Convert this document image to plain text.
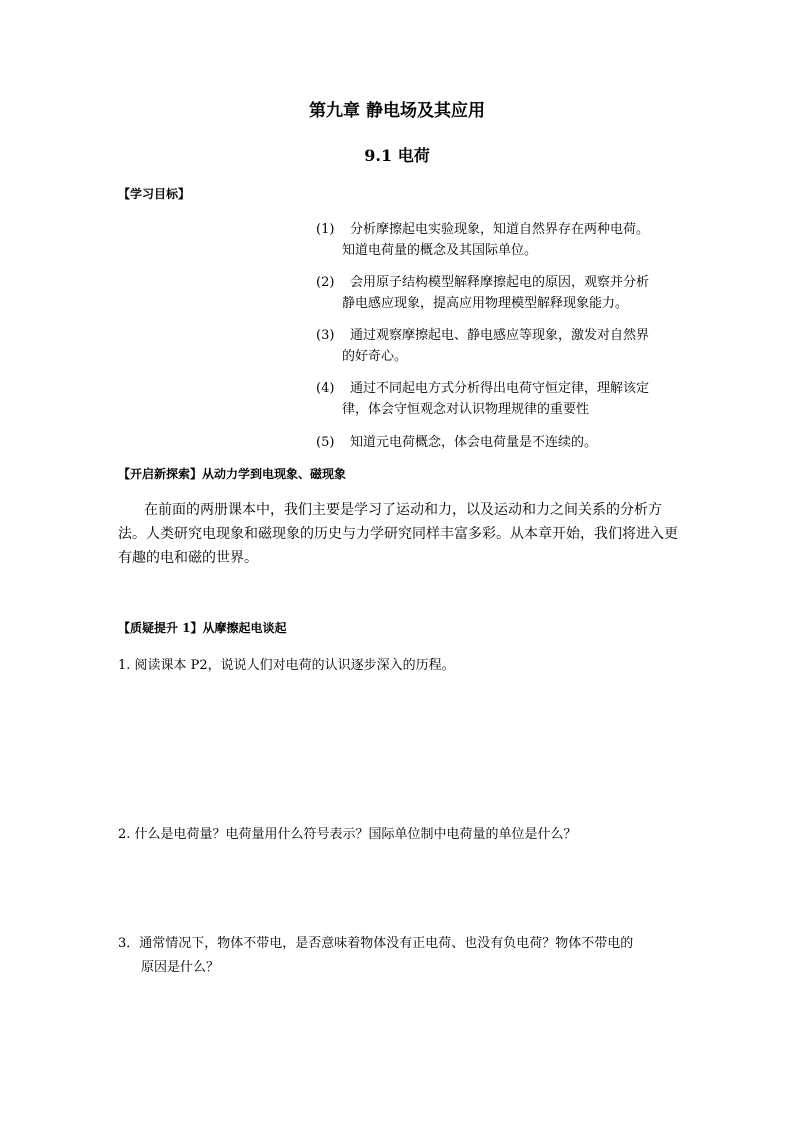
第九章 静电场及其应用
9.1 电荷
【学习目标】
(1) 分析摩擦起电实验现象，知道自然界存在两种电荷。
知道电荷量的概念及其国际单位。
(2) 会用原子结构模型解释摩擦起电的原因，观察并分析
静电感应现象，提高应用物理模型解释现象能力。
(3) 通过观察摩擦起电、静电感应等现象，激发对自然界
的好奇心。
(4) 通过不同起电方式分析得出电荷守恒定律，理解该定
律，体会守恒观念对认识物理规律的重要性
(5) 知道元电荷概念，体会电荷量是不连续的。
【开启新探索】从动力学到电现象、磁现象

在前面的两册课本中，我们主要是学习了运动和力，以及运动和力之间关系的分析方法。人类研究电现象和磁现象的历史与力学研究同样丰富多彩。从本章开始，我们将进入更有趣的电和磁的世界。

【质疑提升 1】从摩擦起电谈起
1. 阅读课本 P2，说说人们对电荷的认识逐步深入的历程。
2. 什么是电荷量？电荷量用什么符号表示？国际单位制中电荷量的单位是什么？
3．通常情况下，物体不带电，是否意味着物体没有正电荷、也没有负电荷？物体不带电的
原因是什么？
